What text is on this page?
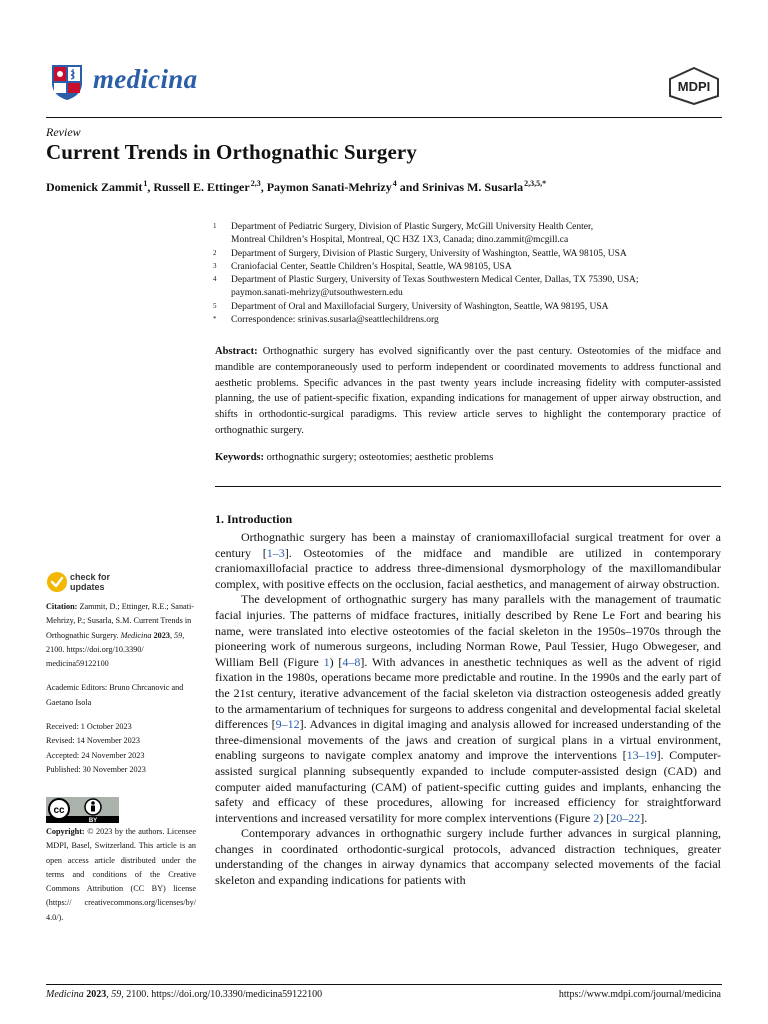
medicina	MDPI
Review
Current Trends in Orthognathic Surgery
Domenick Zammit $^1$, Russell E. Ettinger $^{2,3}$, Paymon Sanati-Mehrizy $^4$ and Srinivas M. Susarla $^{2,3,5,*}$
1	Department of Pediatric Surgery, Division of Plastic Surgery, McGill University Health Center,
Montreal Children’s Hospital, Montreal, QC H3Z 1X3, Canada; dino.zammit@mcgill.ca
2	Department of Surgery, Division of Plastic Surgery, University of Washington, Seattle, WA 98105, USA
3	Craniofacial Center, Seattle Children’s Hospital, Seattle, WA 98105, USA
4	Department of Plastic Surgery, University of Texas Southwestern Medical Center, Dallas, TX 75390, USA;
paymon.sanati-mehrizy@utsouthwestern.edu
5	Department of Oral and Maxillofacial Surgery, University of Washington, Seattle, WA 98195, USA
*	Correspondence: srinivas.susarla@seattlechildrens.org
Abstract: Orthognathic surgery has evolved significantly over the past century. Osteotomies of the midface and mandible are contemporaneously used to perform independent or coordinated movements to address functional and aesthetic problems. Specific advances in the past twenty years include increasing fidelity with computer-assisted planning, the use of patient-specific fixation, expanding indications for management of upper airway obstruction, and shifts in orthodontic-surgical paradigms. This review article serves to highlight the contemporary practice of orthognathic surgery.
Keywords: orthognathic surgery; osteotomies; aesthetic problems
1. Introduction

Orthognathic surgery has been a mainstay of craniomaxillofacial surgical treatment for over a century [1–3]. Osteotomies of the midface and mandible are utilized in contemporary craniomaxillofacial practice to address three-dimensional dysmorphology of the maxillomandibular complex, with positive effects on the occlusion, facial aesthetics, and management of airway obstruction.

The development of orthognathic surgery has many parallels with the management of traumatic facial injuries. The patterns of midface fractures, initially described by Rene Le Fort and bearing his name, were translated into elective osteotomies of the facial skeleton in the 1950s–1970s through the pioneering work of numerous surgeons, including Norman Rowe, Paul Tessier, Hugo Obwegeser, and William Bell (Figure 1) [4–8]. With advances in anesthetic techniques as well as the advent of rigid fixation in the 1980s, operations became more predictable and routine. In the 1990s and the early part of the 21st century, iterative advancement of the facial skeleton via distraction osteogenesis added greatly to the armamentarium of techniques for surgeons to address congenital and developmental facial skeletal differences [9–12]. Advances in digital imaging and analysis allowed for increased understanding of the three-dimensional movements of the jaws and creation of surgical plans in a virtual environment, enabling surgeons to navigate complex anatomy and improve the interventions [13–19]. Computer-assisted surgical planning subsequently expanded to include computer-assisted design (CAD) and computer aided manufacturing (CAM) of patient-specific cutting guides and implants, enhancing the safety and efficacy of these procedures, allowing for increased efficiency for straightforward interventions and increased versatility for more complex interventions (Figure 2) [20–22].

Contemporary advances in orthognathic surgery include further advances in surgical planning, changes in coordinated orthodontic-surgical protocols, advanced distraction techniques, greater understanding of the changes in airway dynamics that accompany selected movements of the facial skeleton and expanding indications for patients with

check for
updates
Citation: Zammit, D.; Ettinger, R.E.; Sanati-Mehrizy, P.; Susarla, S.M. Current Trends in Orthognathic Surgery. Medicina 2023, 59, 2100. https://doi.org/10.3390/ medicina59122100
Academic Editors: Bruno Chrcanovic and Gaetano Isola
Received: 1 October 2023
Revised: 14 November 2023
Accepted: 24 November 2023
Published: 30 November 2023
cc
BY
Copyright: © 2023 by the authors. Licensee MDPI, Basel, Switzerland. This article is an open access article distributed under the terms and conditions of the Creative Commons Attribution (CC BY) license (https:// creativecommons.org/licenses/by/ 4.0/).
Medicina 2023, 59, 2100. https://doi.org/10.3390/medicina59122100	https://www.mdpi.com/journal/medicina
